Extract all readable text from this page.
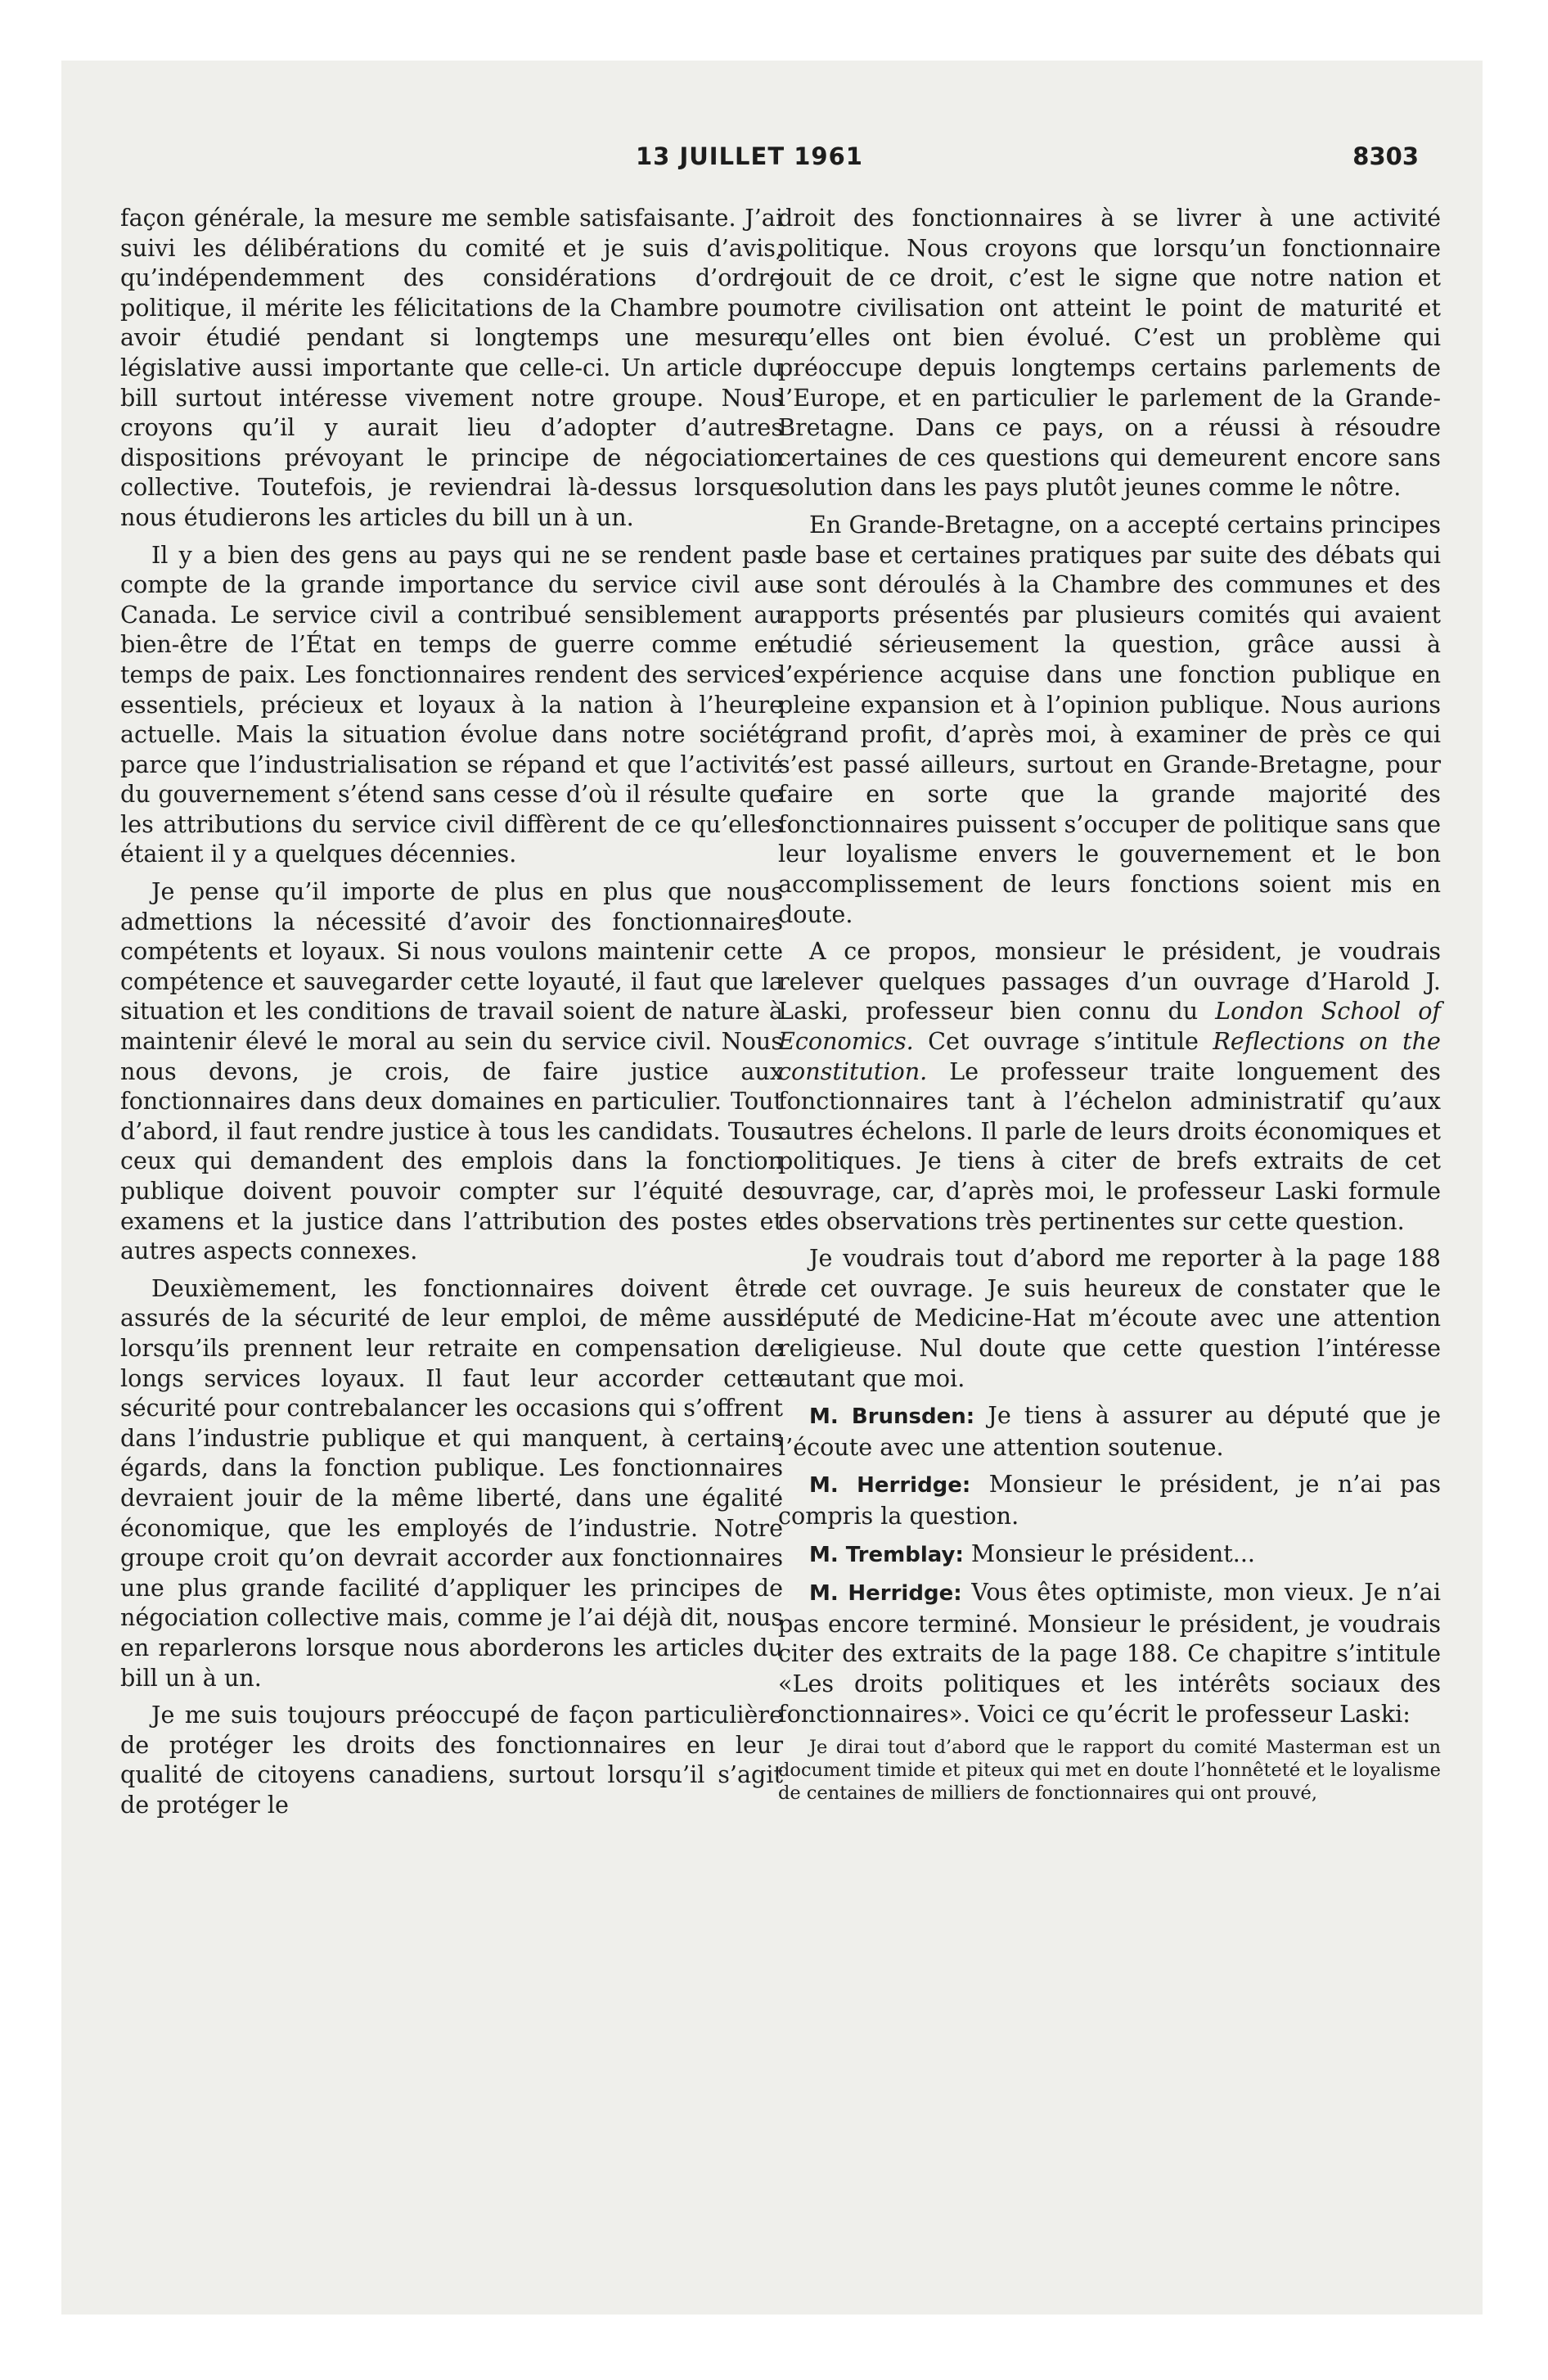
13 JUILLET 1961	8303

façon générale, la mesure me semble satisfaisante. J’ai suivi les délibérations du comité et je suis d’avis, qu’indépendemment des considérations d’ordre politique, il mérite les félicitations de la Chambre pour avoir étudié pendant si longtemps une mesure législative aussi importante que celle-ci. Un article du bill surtout intéresse vivement notre groupe. Nous croyons qu’il y aurait lieu d’adopter d’autres dispositions prévoyant le principe de négociation collective. Toutefois, je reviendrai là-dessus lorsque nous étudierons les articles du bill un à un.

Il y a bien des gens au pays qui ne se rendent pas compte de la grande importance du service civil au Canada. Le service civil a contribué sensiblement au bien-être de l’État en temps de guerre comme en temps de paix. Les fonctionnaires rendent des services essentiels, précieux et loyaux à la nation à l’heure actuelle. Mais la situation évolue dans notre société parce que l’industrialisation se répand et que l’activité du gouvernement s’étend sans cesse d’où il résulte que les attributions du service civil diffèrent de ce qu’elles étaient il y a quelques décennies.

Je pense qu’il importe de plus en plus que nous admettions la nécessité d’avoir des fonctionnaires compétents et loyaux. Si nous voulons maintenir cette compétence et sauvegarder cette loyauté, il faut que la situation et les conditions de travail soient de nature à maintenir élevé le moral au sein du service civil. Nous nous devons, je crois, de faire justice aux fonctionnaires dans deux domaines en particulier. Tout d’abord, il faut rendre justice à tous les candidats. Tous ceux qui demandent des emplois dans la fonction publique doivent pouvoir compter sur l’équité des examens et la justice dans l’attribution des postes et autres aspects connexes.

Deuxièmement, les fonctionnaires doivent être assurés de la sécurité de leur emploi, de même aussi lorsqu’ils prennent leur retraite en compensation de longs services loyaux. Il faut leur accorder cette sécurité pour contrebalancer les occasions qui s’offrent dans l’industrie publique et qui manquent, à certains égards, dans la fonction publique. Les fonctionnaires devraient jouir de la même liberté, dans une égalité économique, que les employés de l’industrie. Notre groupe croit qu’on devrait accorder aux fonctionnaires une plus grande facilité d’appliquer les principes de négociation collective mais, comme je l’ai déjà dit, nous en reparlerons lorsque nous aborderons les articles du bill un à un.

Je me suis toujours préoccupé de façon particulière de protéger les droits des fonctionnaires en leur qualité de citoyens canadiens, surtout lorsqu’il s’agit de protéger le

droit des fonctionnaires à se livrer à une activité politique. Nous croyons que lorsqu’un fonctionnaire jouit de ce droit, c’est le signe que notre nation et notre civilisation ont atteint le point de maturité et qu’elles ont bien évolué. C’est un problème qui préoccupe depuis longtemps certains parlements de l’Europe, et en particulier le parlement de la Grande-Bretagne. Dans ce pays, on a réussi à résoudre certaines de ces questions qui demeurent encore sans solution dans les pays plutôt jeunes comme le nôtre.

En Grande-Bretagne, on a accepté certains principes de base et certaines pratiques par suite des débats qui se sont déroulés à la Chambre des communes et des rapports présentés par plusieurs comités qui avaient étudié sérieusement la question, grâce aussi à l’expérience acquise dans une fonction publique en pleine expansion et à l’opinion publique. Nous aurions grand profit, d’après moi, à examiner de près ce qui s’est passé ailleurs, surtout en Grande-Bretagne, pour faire en sorte que la grande majorité des fonctionnaires puissent s’occuper de politique sans que leur loyalisme envers le gouvernement et le bon accomplissement de leurs fonctions soient mis en doute.

A ce propos, monsieur le président, je voudrais relever quelques passages d’un ouvrage d’Harold J. Laski, professeur bien connu du London School of Economics. Cet ouvrage s’intitule Reflections on the constitution. Le professeur traite longuement des fonctionnaires tant à l’échelon administratif qu’aux autres échelons. Il parle de leurs droits économiques et politiques. Je tiens à citer de brefs extraits de cet ouvrage, car, d’après moi, le professeur Laski formule des observations très pertinentes sur cette question.

Je voudrais tout d’abord me reporter à la page 188 de cet ouvrage. Je suis heureux de constater que le député de Medicine-Hat m’écoute avec une attention religieuse. Nul doute que cette question l’intéresse autant que moi.

M. Brunsden: Je tiens à assurer au député que je l’écoute avec une attention soutenue.

M. Herridge: Monsieur le président, je n’ai pas compris la question.

M. Tremblay: Monsieur le président...

M. Herridge: Vous êtes optimiste, mon vieux. Je n’ai pas encore terminé. Monsieur le président, je voudrais citer des extraits de la page 188. Ce chapitre s’intitule «Les droits politiques et les intérêts sociaux des fonctionnaires». Voici ce qu’écrit le professeur Laski:

Je dirai tout d’abord que le rapport du comité Masterman est un document timide et piteux qui met en doute l’honnêteté et le loyalisme de centaines de milliers de fonctionnaires qui ont prouvé,
